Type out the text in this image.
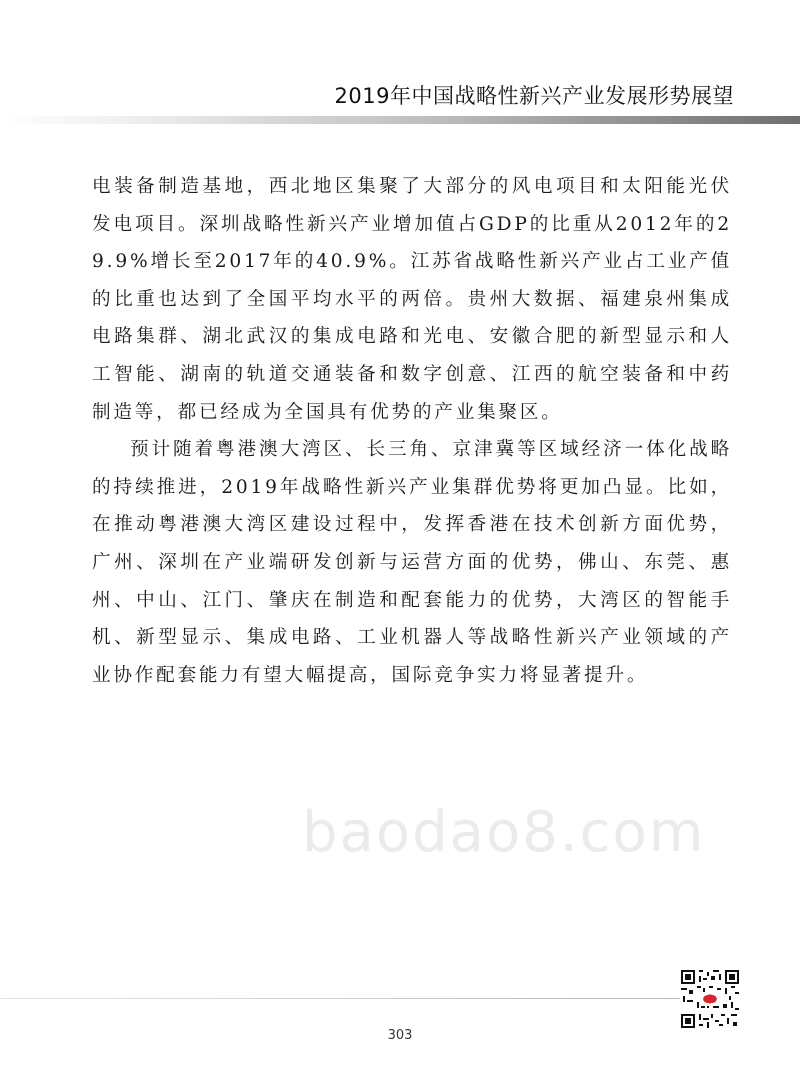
2019年中国战略性新兴产业发展形势展望

电装备制造基地，西北地区集聚了大部分的风电项目和太阳能光伏发电项目。深圳战略性新兴产业增加值占GDP的比重从2012年的29.9%增长至2017年的40.9%。江苏省战略性新兴产业占工业产值的比重也达到了全国平均水平的两倍。贵州大数据、福建泉州集成电路集群、湖北武汉的集成电路和光电、安徽合肥的新型显示和人工智能、湖南的轨道交通装备和数字创意、江西的航空装备和中药制造等，都已经成为全国具有优势的产业集聚区。

预计随着粤港澳大湾区、长三角、京津冀等区域经济一体化战略的持续推进，2019年战略性新兴产业集群优势将更加凸显。比如，在推动粤港澳大湾区建设过程中，发挥香港在技术创新方面优势，广州、深圳在产业端研发创新与运营方面的优势，佛山、东莞、惠州、中山、江门、肇庆在制造和配套能力的优势，大湾区的智能手机、新型显示、集成电路、工业机器人等战略性新兴产业领域的产业协作配套能力有望大幅提高，国际竞争实力将显著提升。

baodao8.com
303
